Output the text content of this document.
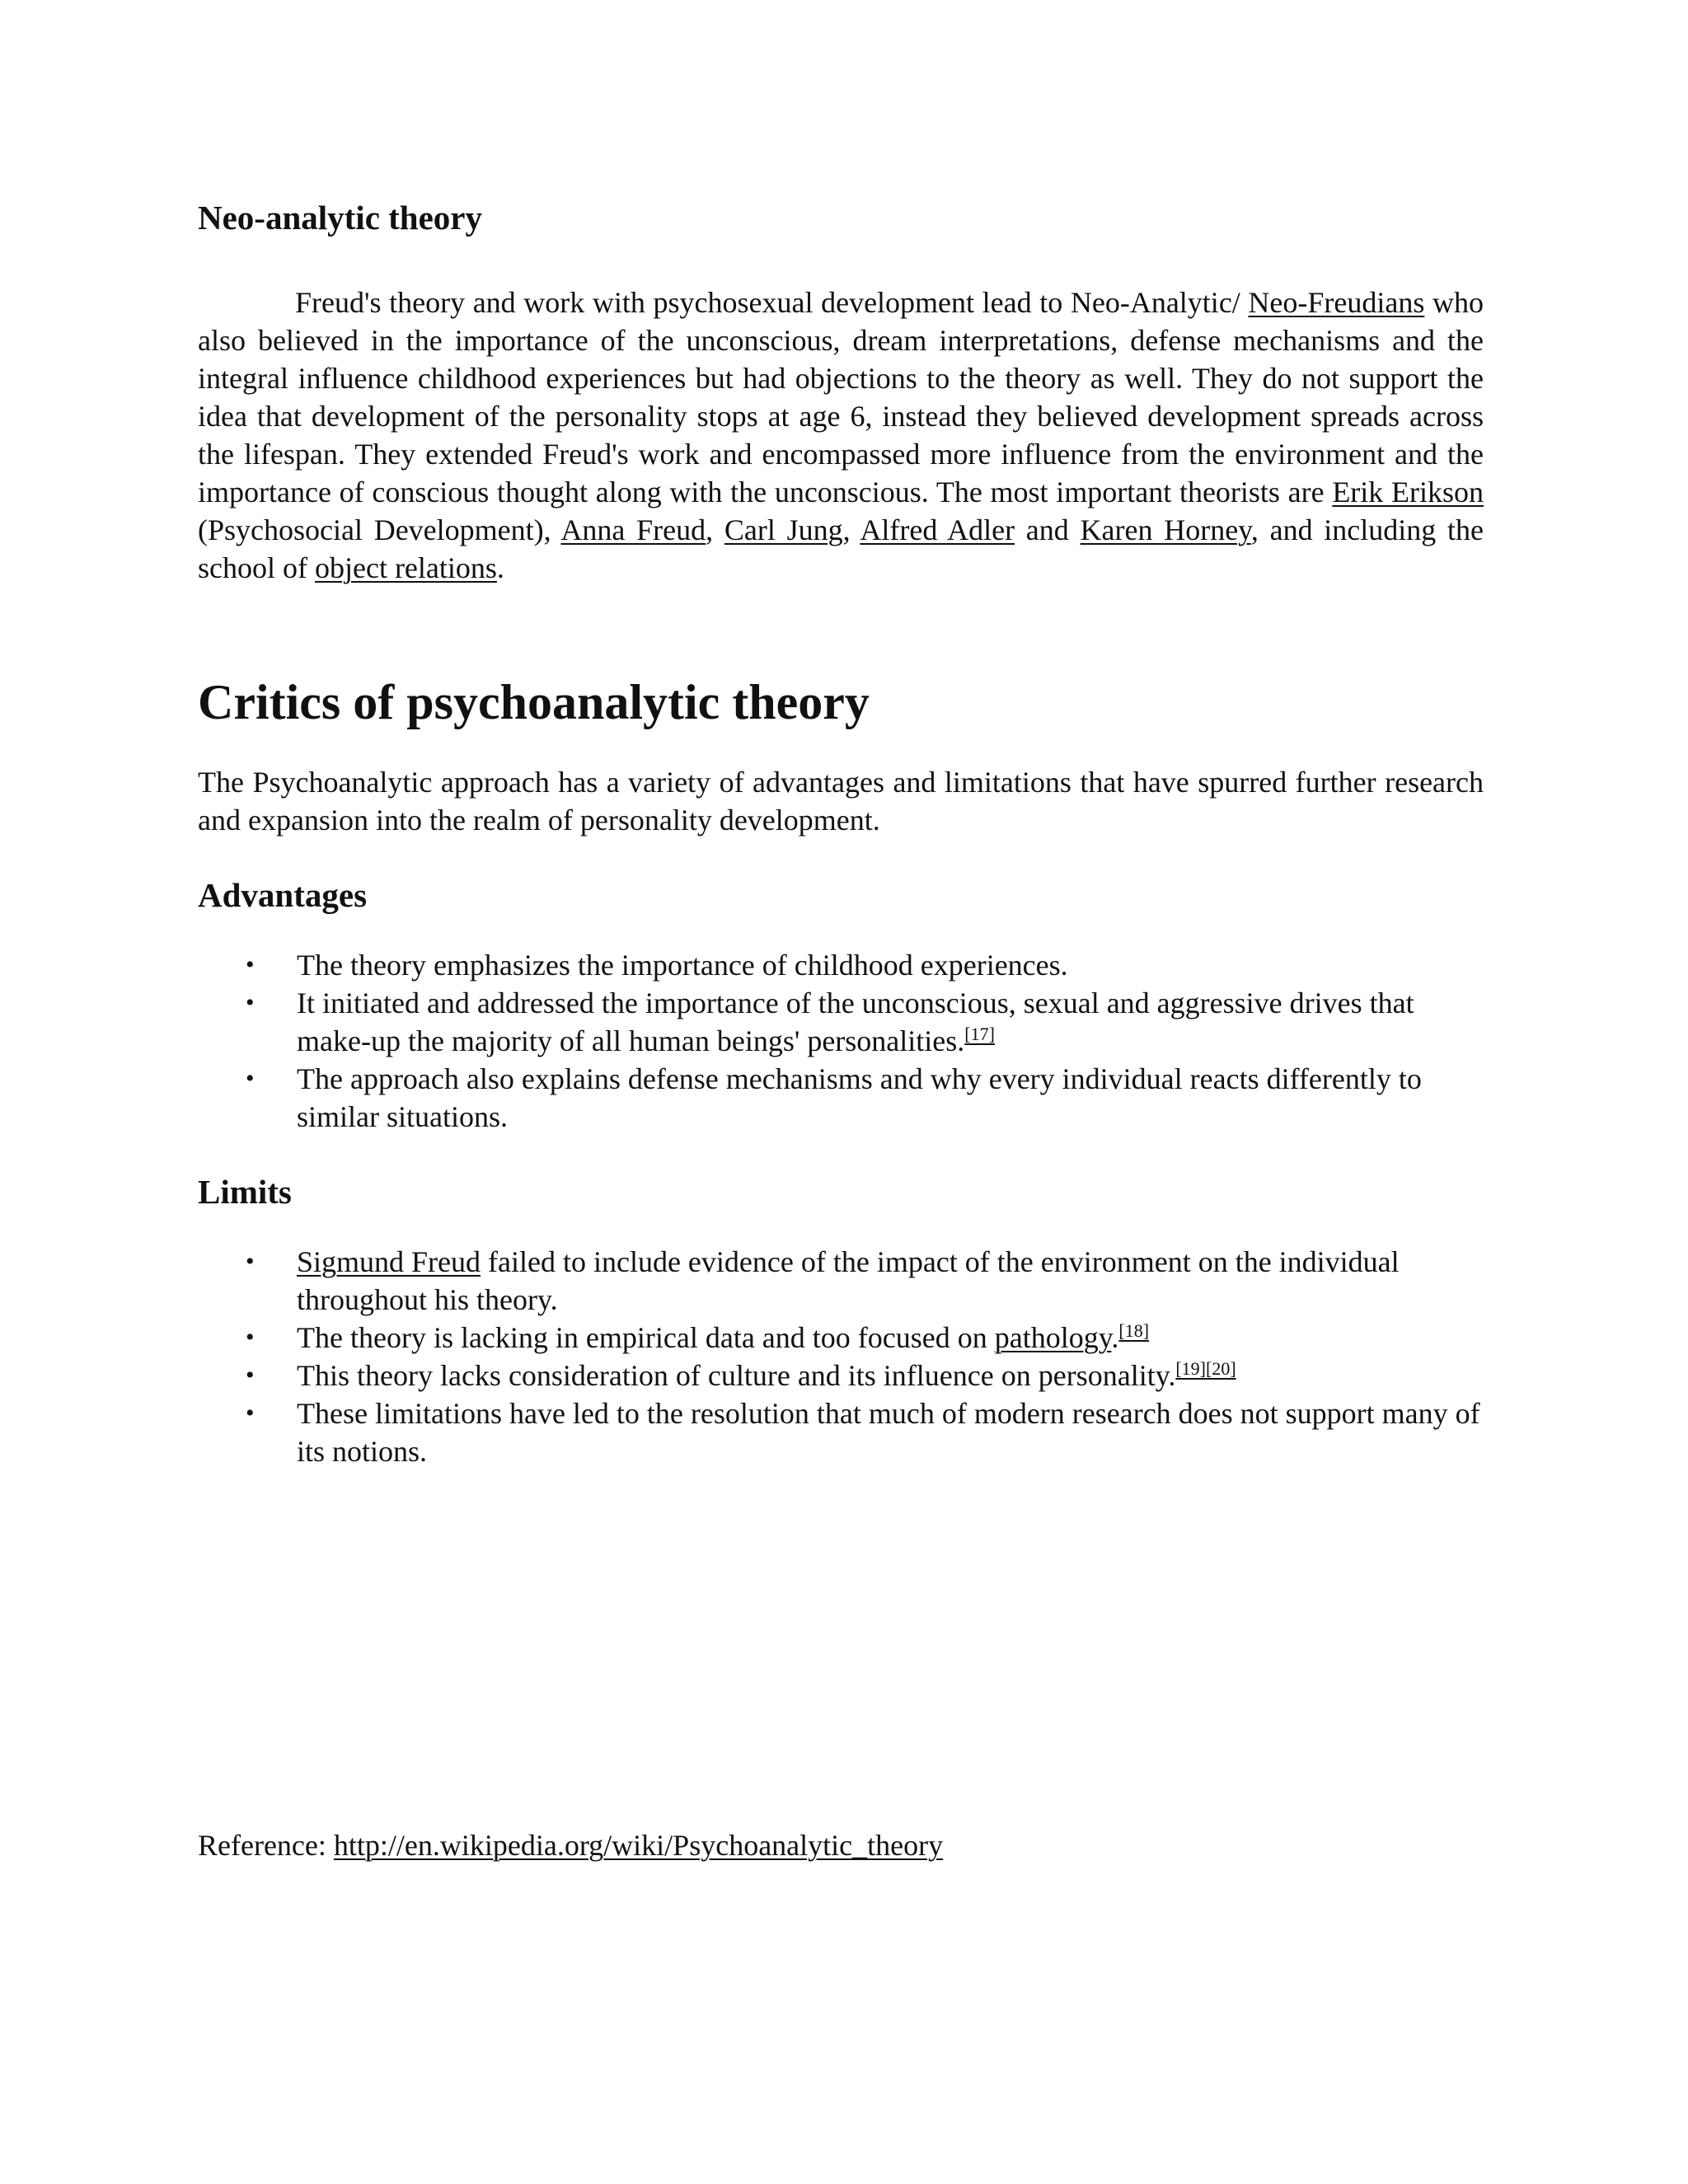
Neo-analytic theory

Freud's theory and work with psychosexual development lead to Neo-Analytic/ Neo-Freudians who also believed in the importance of the unconscious, dream interpretations, defense mechanisms and the integral influence childhood experiences but had objections to the theory as well. They do not support the idea that development of the personality stops at age 6, instead they believed development spreads across the lifespan. They extended Freud's work and encompassed more influence from the environment and the importance of conscious thought along with the unconscious. The most important theorists are Erik Erikson (Psychosocial Development), Anna Freud, Carl Jung, Alfred Adler and Karen Horney, and including the school of object relations.

Critics of psychoanalytic theory

The Psychoanalytic approach has a variety of advantages and limitations that have spurred further research and expansion into the realm of personality development.

Advantages
• The theory emphasizes the importance of childhood experiences.
• It initiated and addressed the importance of the unconscious, sexual and aggressive drives that make-up the majority of all human beings' personalities.[17]
• The approach also explains defense mechanisms and why every individual reacts differently to similar situations.
Limits
• Sigmund Freud failed to include evidence of the impact of the environment on the individual throughout his theory.
• The theory is lacking in empirical data and too focused on pathology.[18]
• This theory lacks consideration of culture and its influence on personality.[19][20]
• These limitations have led to the resolution that much of modern research does not support many of its notions.
Reference: http://en.wikipedia.org/wiki/Psychoanalytic_theory
